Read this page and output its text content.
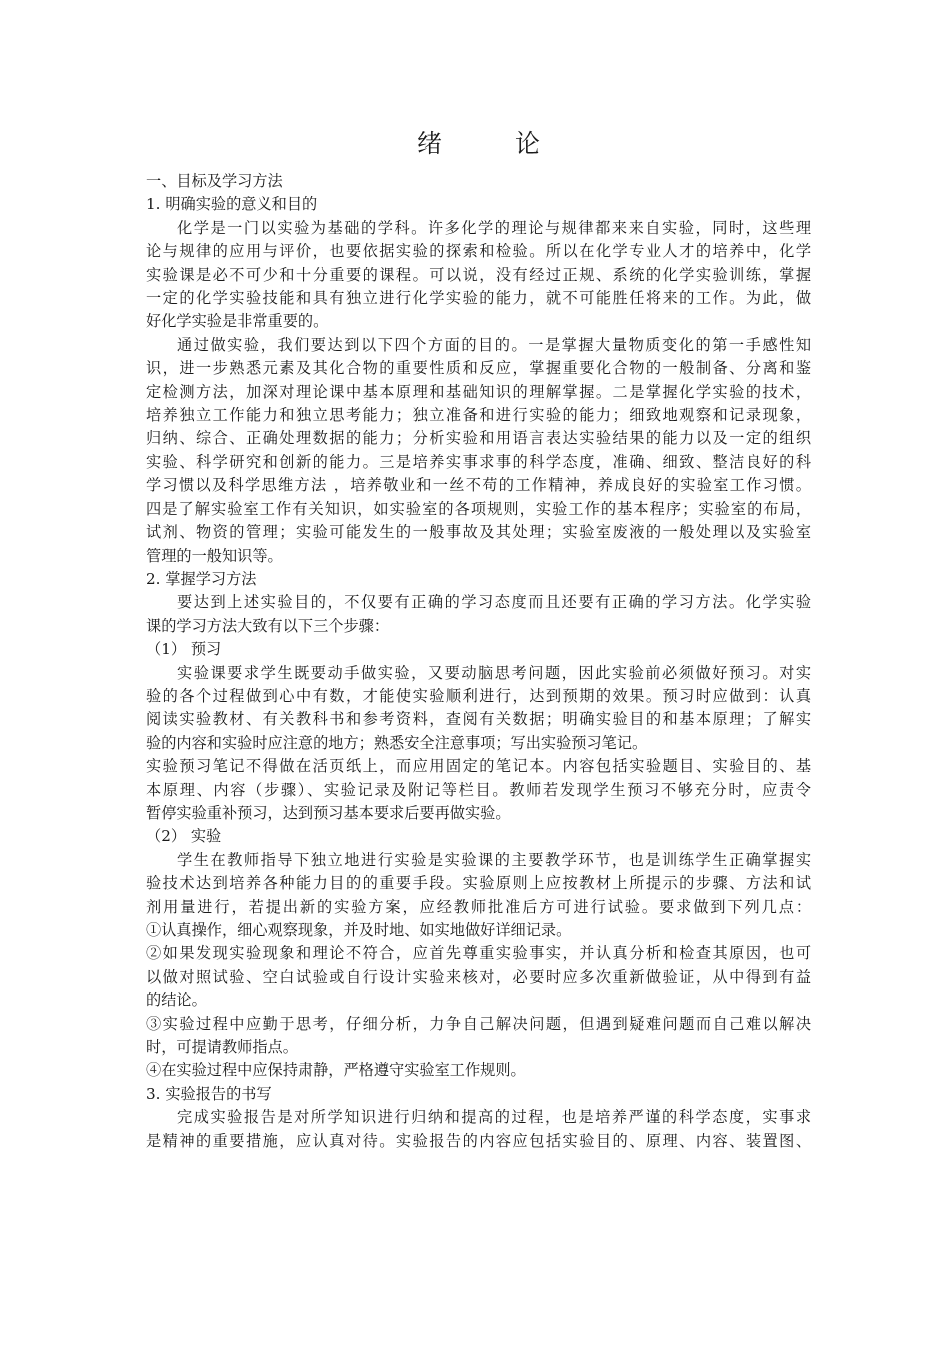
绪　论
一、目标及学习方法
1. 明确实验的意义和目的
化学是一门以实验为基础的学科。许多化学的理论与规律都来来自实验，同时，这些理
论与规律的应用与评价，也要依据实验的探索和检验。所以在化学专业人才的培养中，化学
实验课是必不可少和十分重要的课程。可以说，没有经过正规、系统的化学实验训练，掌握
一定的化学实验技能和具有独立进行化学实验的能力，就不可能胜任将来的工作。为此，做
好化学实验是非常重要的。
通过做实验，我们要达到以下四个方面的目的。一是掌握大量物质变化的第一手感性知
识，进一步熟悉元素及其化合物的重要性质和反应，掌握重要化合物的一般制备、分离和鉴
定检测方法，加深对理论课中基本原理和基础知识的理解掌握。二是掌握化学实验的技术，
培养独立工作能力和独立思考能力；独立准备和进行实验的能力；细致地观察和记录现象，
归纳、综合、正确处理数据的能力；分析实验和用语言表达实验结果的能力以及一定的组织
实验、科学研究和创新的能力。三是培养实事求事的科学态度，准确、细致、整洁良好的科
学习惯以及科学思维方法 ，培养敬业和一丝不苟的工作精神，养成良好的实验室工作习惯。
四是了解实验室工作有关知识，如实验室的各项规则，实验工作的基本程序；实验室的布局，
试剂、物资的管理；实验可能发生的一般事故及其处理；实验室废液的一般处理以及实验室
管理的一般知识等。
2. 掌握学习方法
要达到上述实验目的，不仅要有正确的学习态度而且还要有正确的学习方法。化学实验
课的学习方法大致有以下三个步骤：
（1） 预习
实验课要求学生既要动手做实验，又要动脑思考问题，因此实验前必须做好预习。对实
验的各个过程做到心中有数，才能使实验顺利进行，达到预期的效果。预习时应做到：认真
阅读实验教材、有关教科书和参考资料，查阅有关数据；明确实验目的和基本原理；了解实
验的内容和实验时应注意的地方；熟悉安全注意事项；写出实验预习笔记。
实验预习笔记不得做在活页纸上，而应用固定的笔记本。内容包括实验题目、实验目的、基
本原理、内容（步骤）、实验记录及附记等栏目。教师若发现学生预习不够充分时，应责令
暂停实验重补预习，达到预习基本要求后要再做实验。
（2） 实验
学生在教师指导下独立地进行实验是实验课的主要教学环节，也是训练学生正确掌握实
验技术达到培养各种能力目的的重要手段。实验原则上应按教材上所提示的步骤、方法和试
剂用量进行，若提出新的实验方案，应经教师批准后方可进行试验。要求做到下列几点：
①认真操作，细心观察现象，并及时地、如实地做好详细记录。
②如果发现实验现象和理论不符合，应首先尊重实验事实，并认真分析和检查其原因，也可
以做对照试验、空白试验或自行设计实验来核对，必要时应多次重新做验证，从中得到有益
的结论。
③实验过程中应勤于思考，仔细分析，力争自己解决问题，但遇到疑难问题而自己难以解决
时，可提请教师指点。
④在实验过程中应保持肃静，严格遵守实验室工作规则。
3. 实验报告的书写
完成实验报告是对所学知识进行归纳和提高的过程，也是培养严谨的科学态度，实事求
是精神的重要措施，应认真对待。实验报告的内容应包括实验目的、原理、内容、装置图、
